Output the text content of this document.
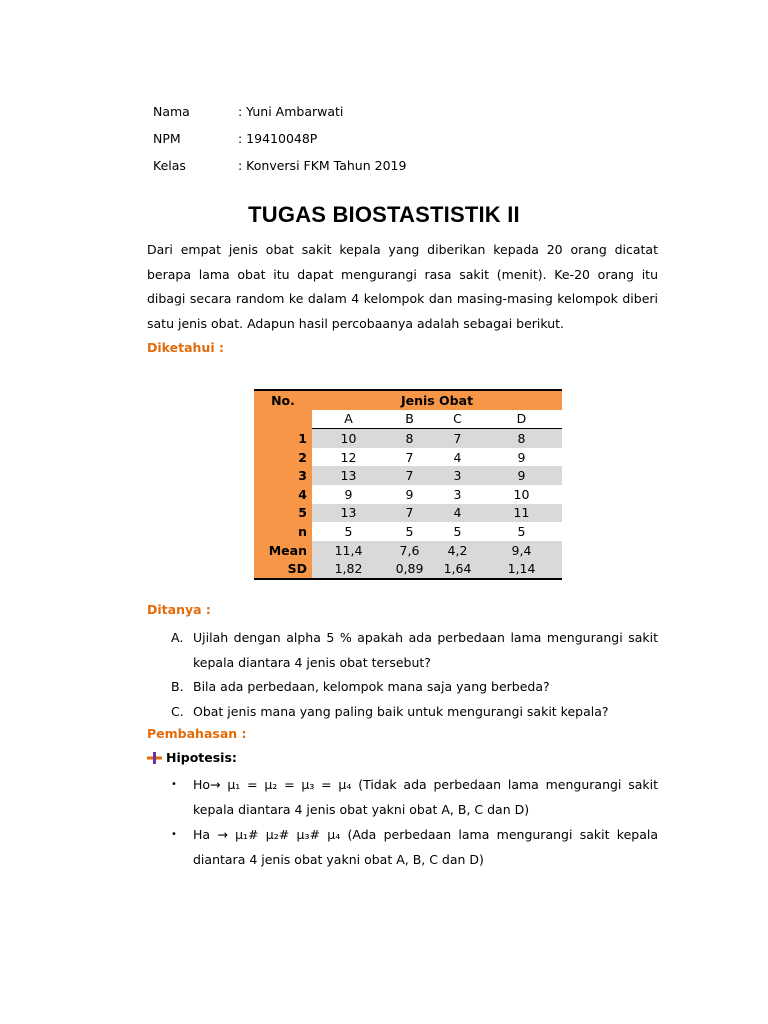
Nama	: Yuni Ambarwati
NPM	: 19410048P
Kelas	: Konversi FKM Tahun 2019
TUGAS BIOSTASTISTIK II
Dari empat jenis obat sakit kepala yang diberikan kepada 20 orang dicatat berapa lama obat itu dapat mengurangi rasa sakit (menit). Ke-20 orang itu dibagi secara random ke dalam 4 kelompok dan masing-masing kelompok diberi satu jenis obat. Adapun hasil percobaanya adalah sebagai berikut.
Diketahui :
No.	Jenis Obat			
	A	B	C	D
1	10	8	7	8
2	12	7	4	9
3	13	7	3	9
4	9	9	3	10
5	13	7	4	11
n	5	5	5	5
Mean	11,4	7,6	4,2	9,4
SD	1,82	0,89	1,64	1,14
Ditanya :
A. Ujilah dengan alpha 5 % apakah ada perbedaan lama mengurangi sakit kepala diantara 4 jenis obat tersebut?
B. Bila ada perbedaan, kelompok mana saja yang berbeda?
C. Obat jenis mana yang paling baik untuk mengurangi sakit kepala?
Pembahasan :
Hipotesis:
•	Ho→ μ₁ = μ₂ = μ₃ = μ₄ (Tidak ada perbedaan lama mengurangi sakit kepala diantara 4 jenis obat yakni obat A, B, C dan D)
•	Ha → μ₁# μ₂# μ₃# μ₄ (Ada perbedaan lama mengurangi sakit kepala diantara 4 jenis obat yakni obat A, B, C dan D)
